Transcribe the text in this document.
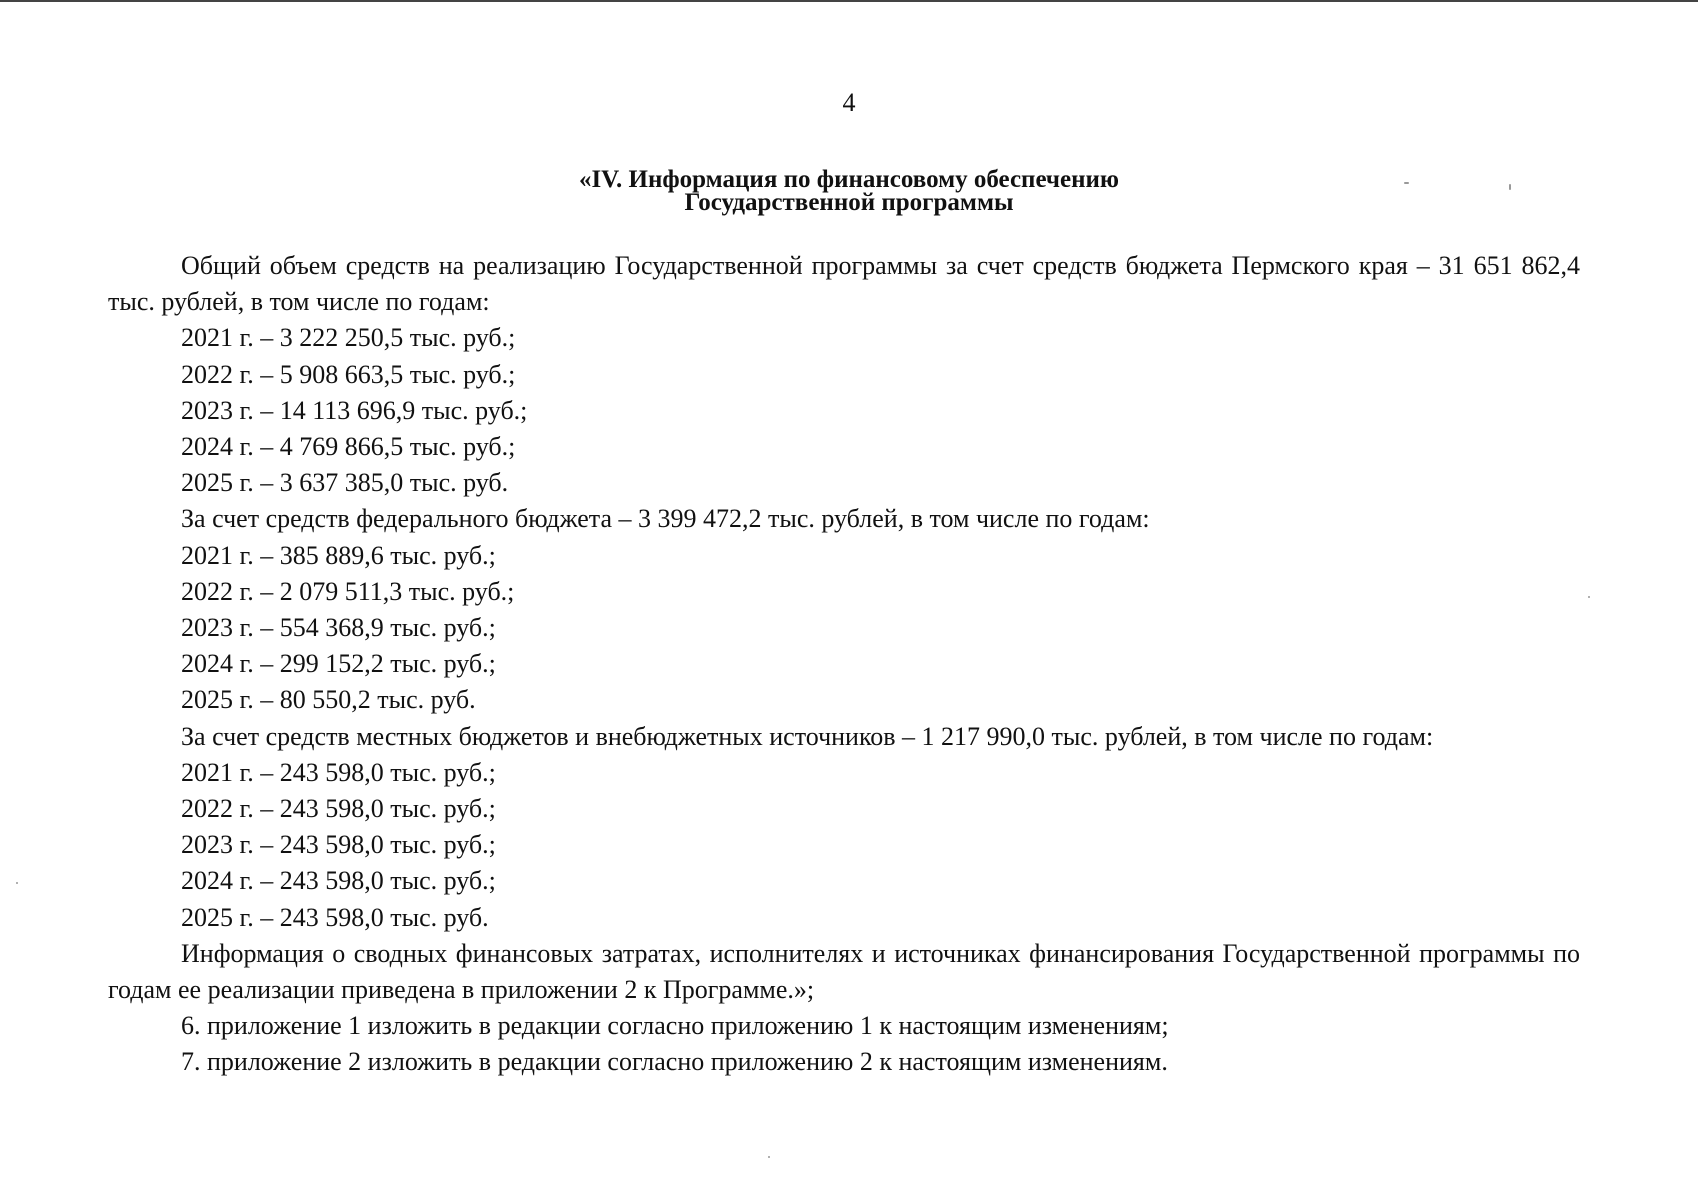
4
«IV. Информация по финансовому обеспечению
Государственной программы

Общий объем средств на реализацию Государственной программы за счет средств бюджета Пермского края – 31 651 862,4 тыс. рублей, в том числе по годам:

2021 г. – 3 222 250,5 тыс. руб.;

2022 г. – 5 908 663,5 тыс. руб.;

2023 г. – 14 113 696,9 тыс. руб.;

2024 г. – 4 769 866,5 тыс. руб.;

2025 г. – 3 637 385,0 тыс. руб.

За счет средств федерального бюджета – 3 399 472,2 тыс. рублей, в том числе по годам:

2021 г. – 385 889,6 тыс. руб.;

2022 г. – 2 079 511,3 тыс. руб.;

2023 г. – 554 368,9 тыс. руб.;

2024 г. – 299 152,2 тыс. руб.;

2025 г. – 80 550,2 тыс. руб.

За счет средств местных бюджетов и внебюджетных источников – 1 217 990,0 тыс. рублей, в том числе по годам:

2021 г. – 243 598,0 тыс. руб.;

2022 г. – 243 598,0 тыс. руб.;

2023 г. – 243 598,0 тыс. руб.;

2024 г. – 243 598,0 тыс. руб.;

2025 г. – 243 598,0 тыс. руб.

Информация о сводных финансовых затратах, исполнителях и источниках финансирования Государственной программы по годам ее реализации приведена в приложении 2 к Программе.»;

6. приложение 1 изложить в редакции согласно приложению 1 к настоящим изменениям;

7. приложение 2 изложить в редакции согласно приложению 2 к настоящим изменениям.
